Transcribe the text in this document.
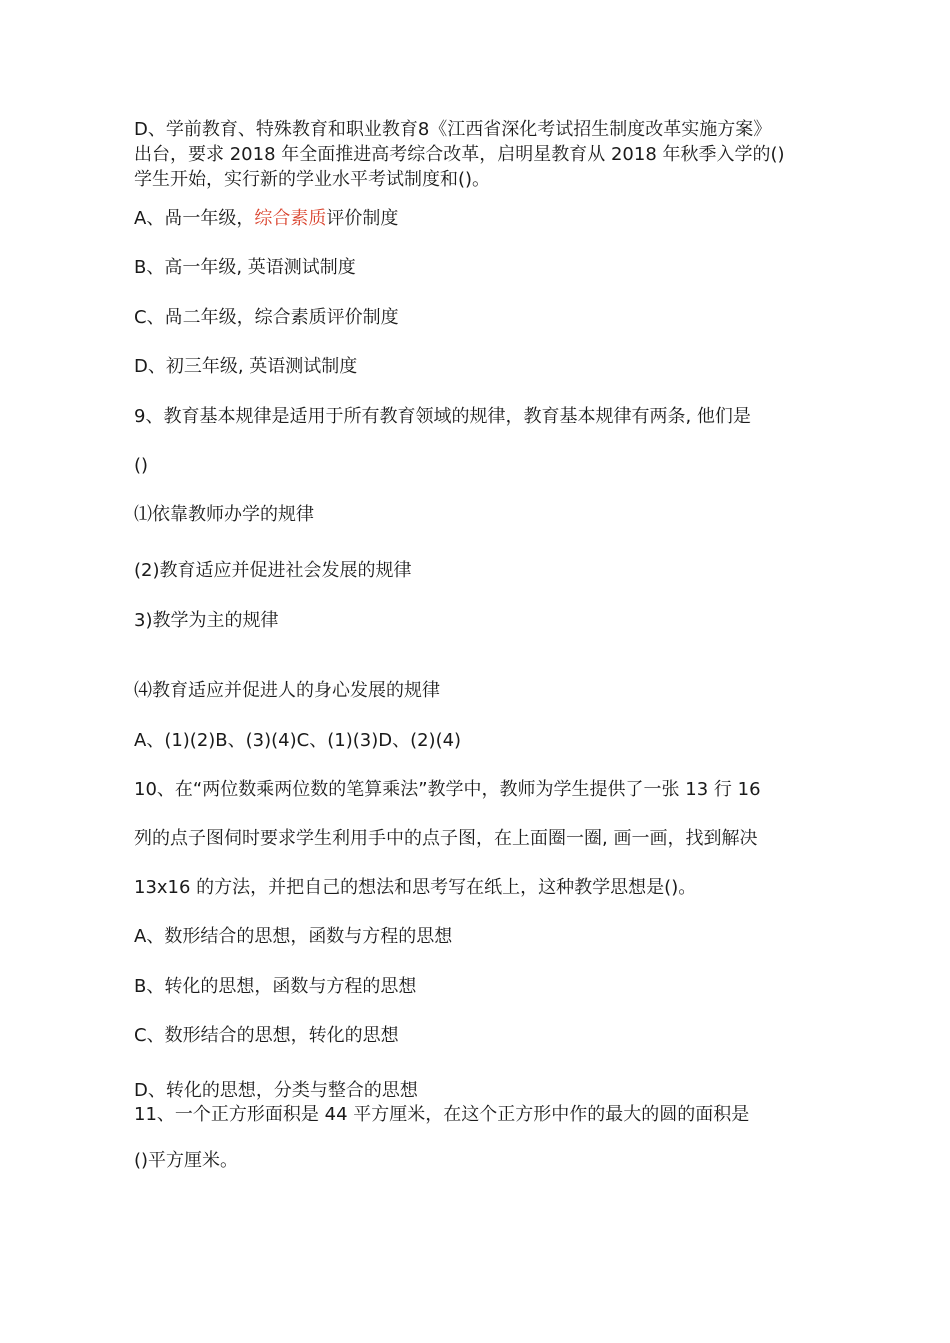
D、学前教育、特殊教育和职业教育8《江西省深化考试招生制度改革实施方案》
出台，要求 2018 年全面推进高考综合改革，启明星教育从 2018 年秋季入学的()
学生开始，实行新的学业水平考试制度和()。
A、咼一年级，综合素质评价制度
B、高一年级, 英语测试制度
C、咼二年级，综合素质评价制度
D、初三年级, 英语测试制度
9、教育基本规律是适用于所有教育领域的规律，教育基本规律有两条, 他们是
()
⑴依靠教师办学的规律
(2)教育适应并促进社会发展的规律
3)教学为主的规律
⑷教育适应并促进人的身心发展的规律
A、(1)(2)B、(3)(4)C、(1)(3)D、(2)(4)
10、在“两位数乘两位数的笔算乘法”教学中，教师为学生提供了一张 13 行 16
列的点子图伺时要求学生利用手中的点子图，在上面圈一圈, 画一画，找到解决
13x16 的方法，并把自己的想法和思考写在纸上，这种教学思想是()。
A、数形结合的思想，函数与方程的思想
B、转化的思想，函数与方程的思想
C、数形结合的思想，转化的思想
D、转化的思想，分类与整合的思想
11、一个正方形面积是 44 平方厘米，在这个正方形中作的最大的圆的面积是
()平方厘米。
